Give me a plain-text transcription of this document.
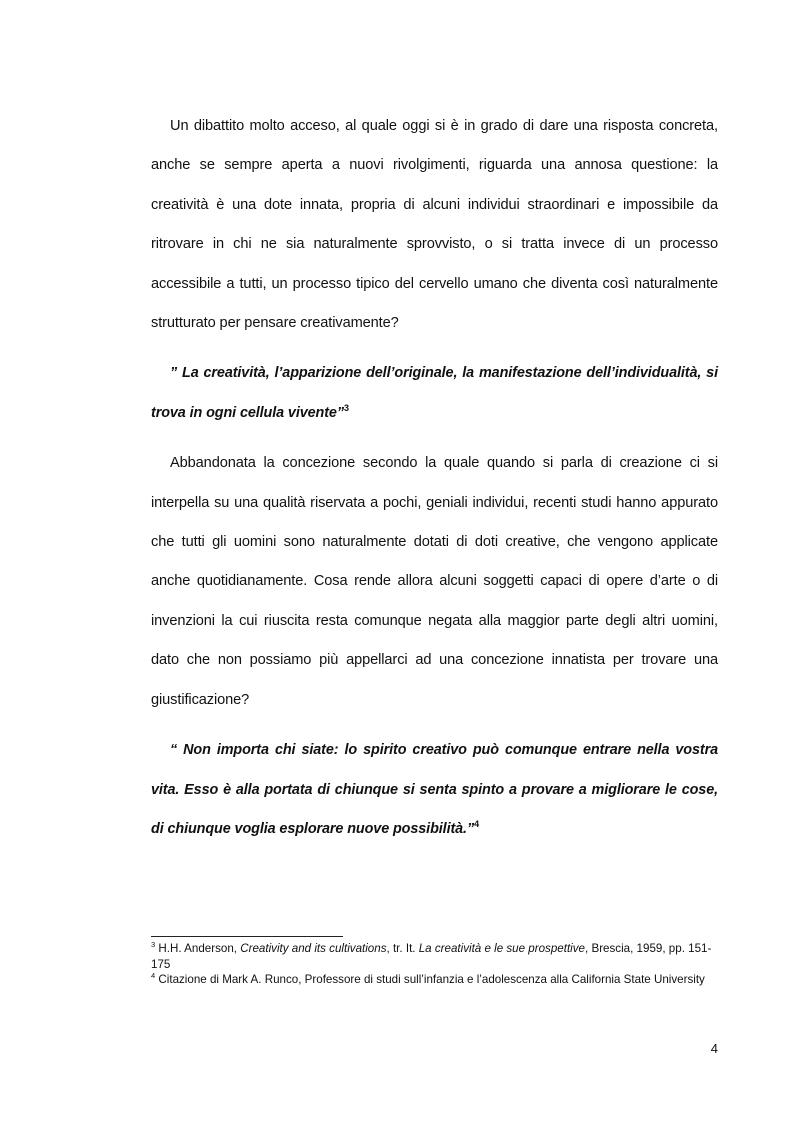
Un dibattito molto acceso, al quale oggi si è in grado di dare una risposta concreta, anche se sempre aperta a nuovi rivolgimenti, riguarda una annosa questione: la creatività è una dote innata, propria di alcuni individui straordinari e impossibile da ritrovare in chi ne sia naturalmente sprovvisto, o si tratta invece di un processo accessibile a tutti, un processo tipico del cervello umano che diventa così naturalmente strutturato per pensare creativamente?

” La creatività, l’apparizione dell’originale, la manifestazione dell’individualità, si trova in ogni cellula vivente”$^3$

Abbandonata la concezione secondo la quale quando si parla di creazione ci si interpella su una qualità riservata a pochi, geniali individui, recenti studi hanno appurato che tutti gli uomini sono naturalmente dotati di doti creative, che vengono applicate anche quotidianamente. Cosa rende allora alcuni soggetti capaci di opere d’arte o di invenzioni la cui riuscita resta comunque negata alla maggior parte degli altri uomini, dato che non possiamo più appellarci ad una concezione innatista per trovare una giustificazione?

“ Non importa chi siate: lo spirito creativo può comunque entrare nella vostra vita. Esso è alla portata di chiunque si senta spinto a provare a migliorare le cose, di chiunque voglia esplorare nuove possibilità.”$^4$

$^3$ H.H. Anderson, Creativity and its cultivations, tr. It. La creatività e le sue prospettive, Brescia, 1959, pp. 151-175

$^4$ Citazione di Mark A. Runco, Professore di studi sull’infanzia e l’adolescenza alla California State University

4
